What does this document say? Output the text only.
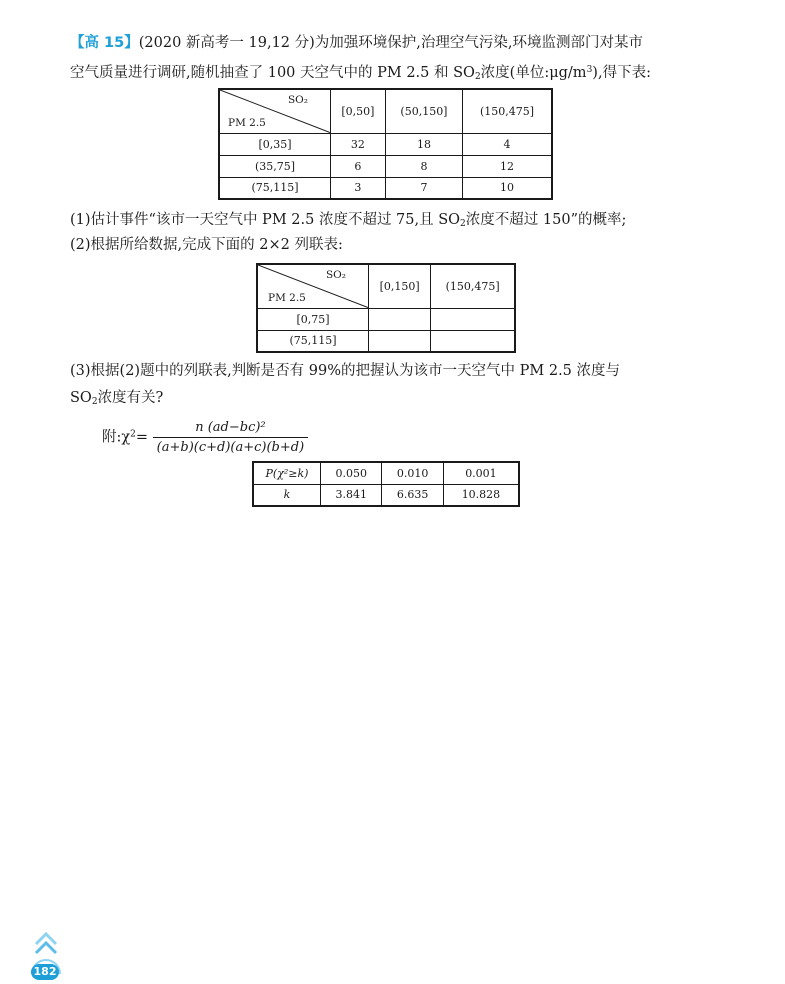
【高 15】(2020 新高考一 19,12 分)为加强环境保护,治理空气污染,环境监测部门对某市
空气质量进行调研,随机抽查了 100 天空气中的 PM 2.5 和 $SO_2$浓度(单位$:\mu g/m^3$),得下表:
SO₂
PM 2.5	[0,50]	(50,150]	(150,475]
[0,35]	32	18	4
(35,75]	6	8	12
(75,115]	3	7	10
(1)估计事件“该市一天空气中 PM 2.5 浓度不超过 75,且 $SO_2$浓度不超过 150”的概率;
(2)根据所给数据,完成下面的 2×2 列联表:
SO₂
PM 2.5	[0,150]	(150,475]
[0,75]		
(75,115]		
(3)根据(2)题中的列联表,判断是否有 99%的把握认为该市一天空气中 PM 2.5 浓度与
$SO_2$浓度有关?
附$:\chi^2= \frac{\text{n (ad−bc)²}}{(a+b)(c+d)(a+c)(b+d)}$
P(χ²≥k)	0.050	0.010	0.001
k	3.841	6.635	10.828
182
